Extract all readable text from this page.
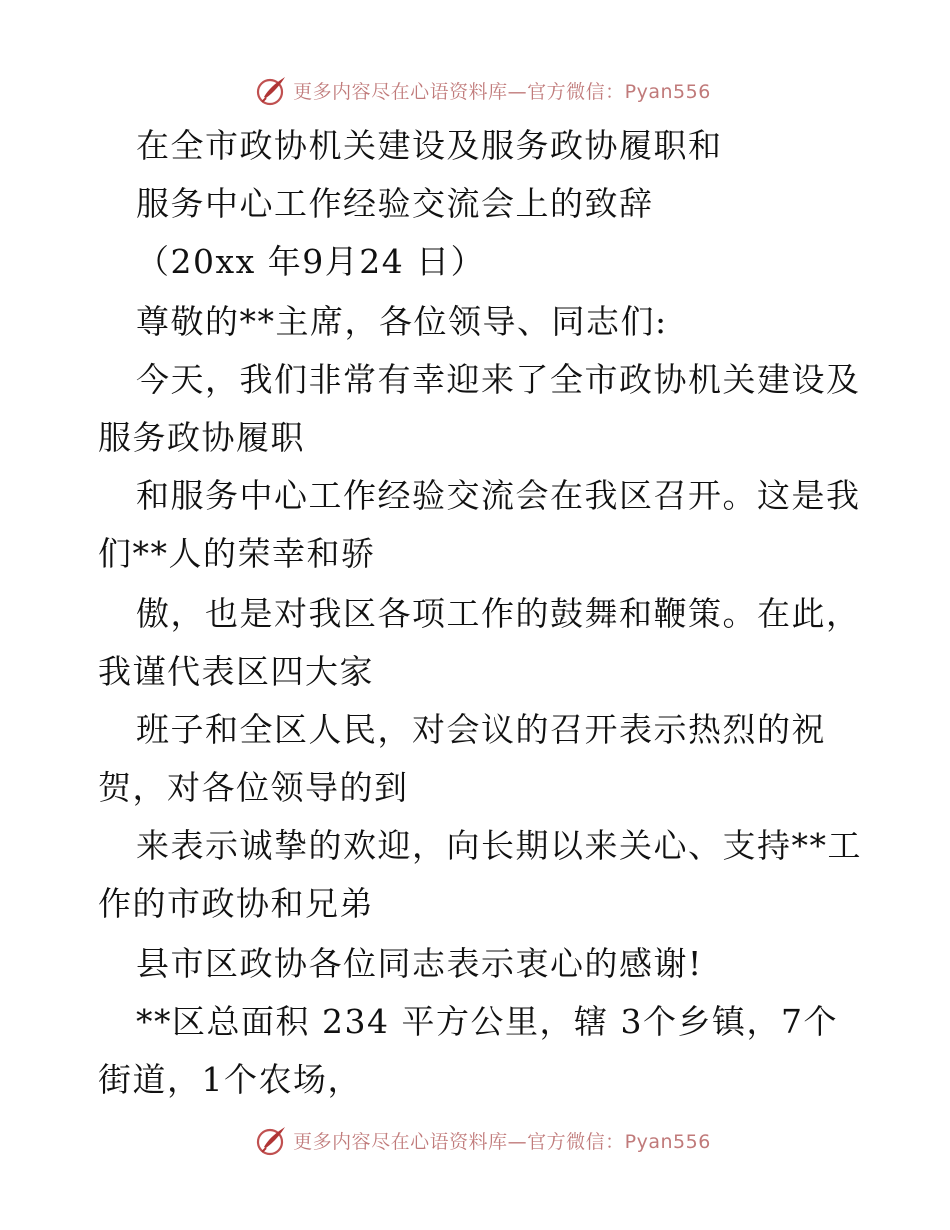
更多内容尽在心语资料库—官方微信：Pyan556
在全市政协机关建设及服务政协履职和
服务中心工作经验交流会上的致辞
（20xx 年9月24 日）
尊敬的**主席，各位领导、同志们:
今天，我们非常有幸迎来了全市政协机关建设及
服务政协履职
和服务中心工作经验交流会在我区召开。这是我
们**人的荣幸和骄
傲，也是对我区各项工作的鼓舞和鞭策。在此，
我谨代表区四大家
班子和全区人民，对会议的召开表示热烈的祝
贺，对各位领导的到
来表示诚挚的欢迎，向长期以来关心、支持**工
作的市政协和兄弟
县市区政协各位同志表示衷心的感谢!
**区总面积 234 平方公里，辖 3个乡镇，7个
街道，1个农场，
更多内容尽在心语资料库—官方微信：Pyan556
